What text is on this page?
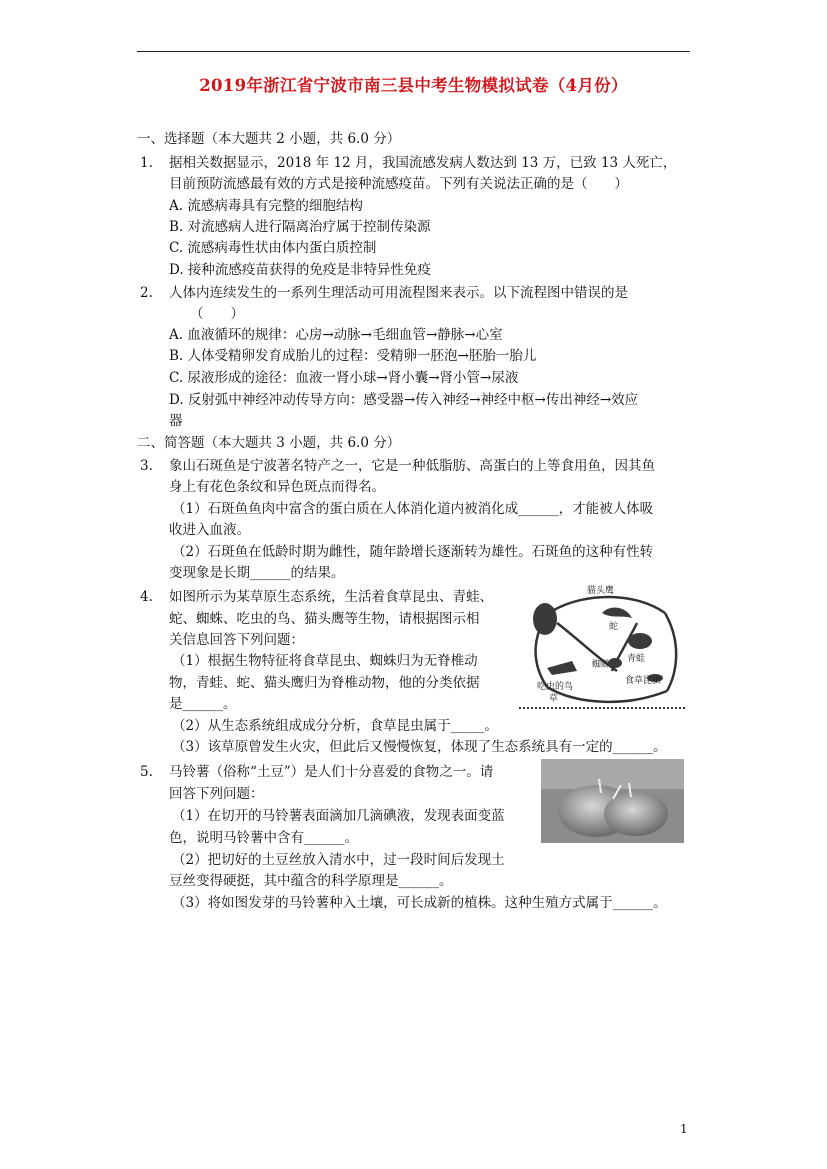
2019年浙江省宁波市南三县中考生物模拟试卷（4月份）
一、选择题（本大题共 2 小题，共 6.0 分）
1. 据相关数据显示，2018 年 12 月，我国流感发病人数达到 13 万，已致 13 人死亡，
目前预防流感最有效的方式是接种流感疫苗。下列有关说法正确的是（　　）
A. 流感病毒具有完整的细胞结构
B. 对流感病人进行隔离治疗属于控制传染源
C. 流感病毒性状由体内蛋白质控制
D. 接种流感疫苗获得的免疫是非特异性免疫
2. 人体内连续发生的一系列生理活动可用流程图来表示。以下流程图中错误的是
（　　）
A. 血液循环的规律：心房→动脉→毛细血管→静脉→心室
B. 人体受精卵发育成胎儿的过程：受精卵一胚泡→胚胎一胎儿
C. 尿液形成的途径：血液一肾小球→肾小囊→肾小管→尿液
D. 反射弧中神经冲动传导方向：感受器→传入神经→神经中枢→传出神经→效应
器
二、简答题（本大题共 3 小题，共 6.0 分）
3. 象山石斑鱼是宁波著名特产之一，它是一种低脂肪、高蛋白的上等食用鱼，因其鱼
身上有花色条纹和异色斑点而得名。
（1）石斑鱼鱼肉中富含的蛋白质在人体消化道内被消化成______，才能被人体吸
收进入血液。
（2）石斑鱼在低龄时期为雌性，随年龄增长逐渐转为雄性。石斑鱼的这种有性转
变现象是长期______的结果。
4. 如图所示为某草原生态系统，生活着食草昆虫、青蛙、
蛇、蜘蛛、吃虫的鸟、猫头鹰等生物，请根据图示相
关信息回答下列问题：
（1）根据生物特征将食草昆虫、蜘蛛归为无脊椎动
物，青蛙、蛇、猫头鹰归为脊椎动物，他的分类依据
是______。
（2）从生态系统组成成分分析，食草昆虫属于_____。
（3）该草原曾发生火灾，但此后又慢慢恢复，体现了生态系统具有一定的______。
猫头鹰
蛇
青蛙
蜘蛛
吃虫的鸟
食草昆虫
草
5. 马铃薯（俗称“土豆”）是人们十分喜爱的食物之一。请
回答下列问题：
（1）在切开的马铃薯表面滴加几滴碘液，发现表面变蓝
色，说明马铃薯中含有______。
（2）把切好的土豆丝放入清水中，过一段时间后发现土
豆丝变得硬挺，其中蕴含的科学原理是______。
（3）将如图发芽的马铃薯种入土壤，可长成新的植株。这种生殖方式属于______。
1
